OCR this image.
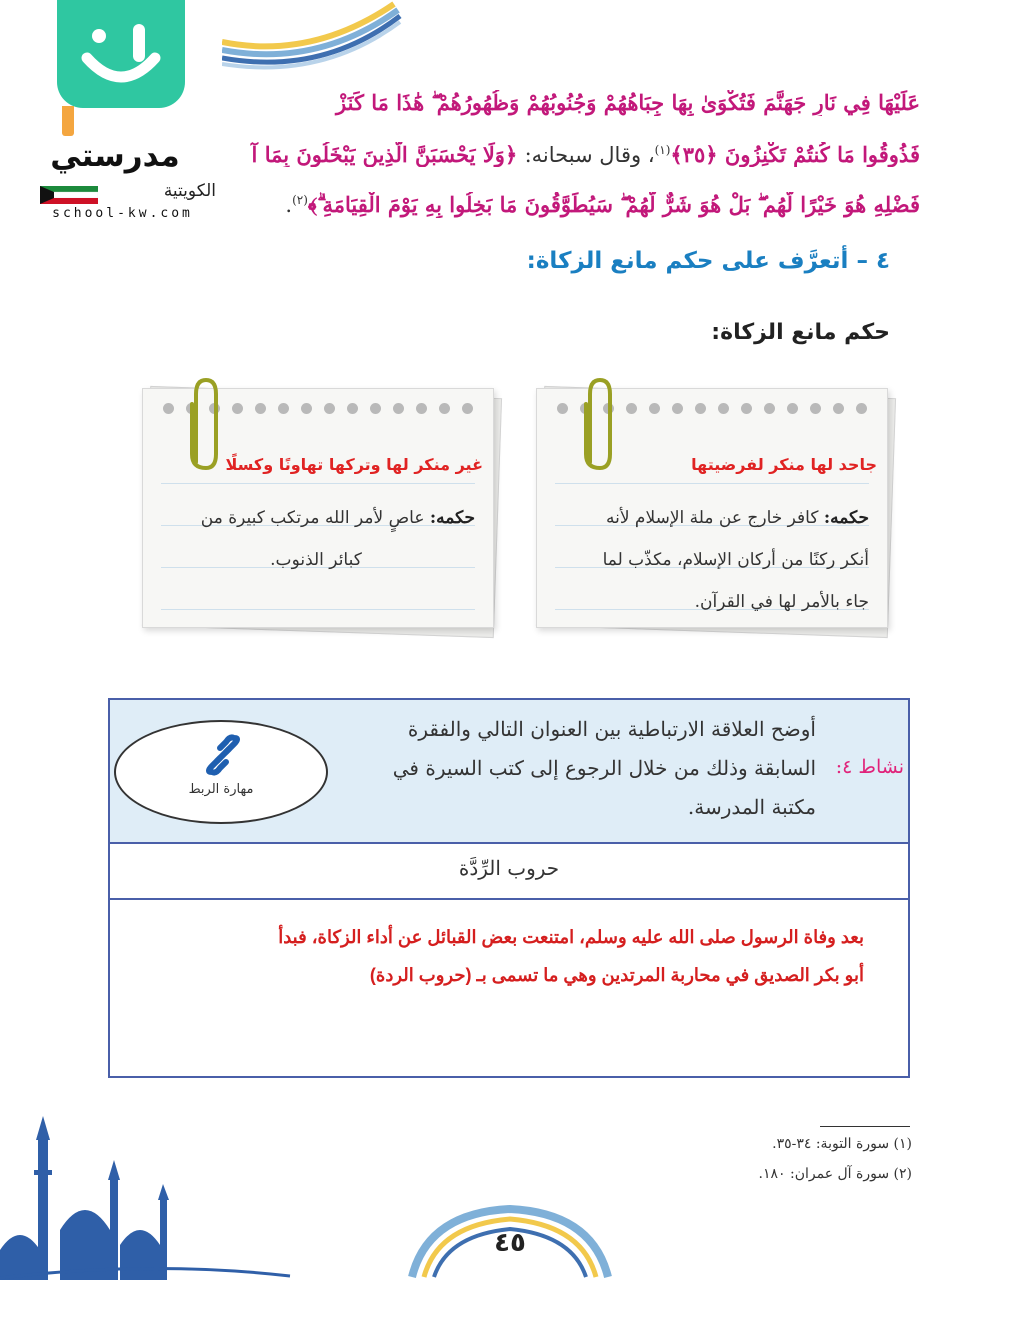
مدرستي
الكويتية
school-kw.com
عَلَيْهَا فِي نَارِ جَهَنَّمَ فَتُكْوَىٰ بِهَا جِبَاهُهُمْ وَجُنُوبُهُمْ وَظُهُورُهُمْ ۖ هَٰذَا مَا كَنَزْ
فَذُوقُوا مَا كُنتُمْ تَكْنِزُونَ ﴿٣٥﴾$^{(١)}$، وقال سبحانه: ﴿وَلَا يَحْسَبَنَّ الَّذِينَ يَبْخَلُونَ بِمَا آ
فَضْلِهِ هُوَ خَيْرًا لَّهُم ۖ بَلْ هُوَ شَرٌّ لَّهُمْ ۖ سَيُطَوَّقُونَ مَا بَخِلُوا بِهِ يَوْمَ الْقِيَامَةِ ۗ﴾$^{(٢)}$.
٤ – أتعرَّف على حكم مانع الزكاة:
حكم مانع الزكاة:
جاحد لها منكر لفرضيتها
حكمه: كافر خارج عن ملة الإسلام لأنه
أنكر ركنًا من أركان الإسلام، مكذّب لما
جاء بالأمر لها في القرآن.
غير منكر لها وتركها تهاونًا وكسلًا
حكمه: عاصٍ لأمر الله مرتكب كبيرة من
كبائر الذنوب.
نشاط ٤:
أوضح العلاقة الارتباطية بين العنوان التالي والفقرة
السابقة وذلك من خلال الرجوع إلى كتب السيرة في
مكتبة المدرسة.
مهارة الربط
حروب الرِّدَّة
بعد وفاة الرسول صلى الله عليه وسلم، امتنعت بعض القبائل عن أداء الزكاة، فبدأ
أبو بكر الصديق في محاربة المرتدين وهي ما تسمى بـ (حروب الردة)
(١) سورة التوبة: ٣٤-٣٥.
(٢) سورة آل عمران: ١٨٠.
٤٥
